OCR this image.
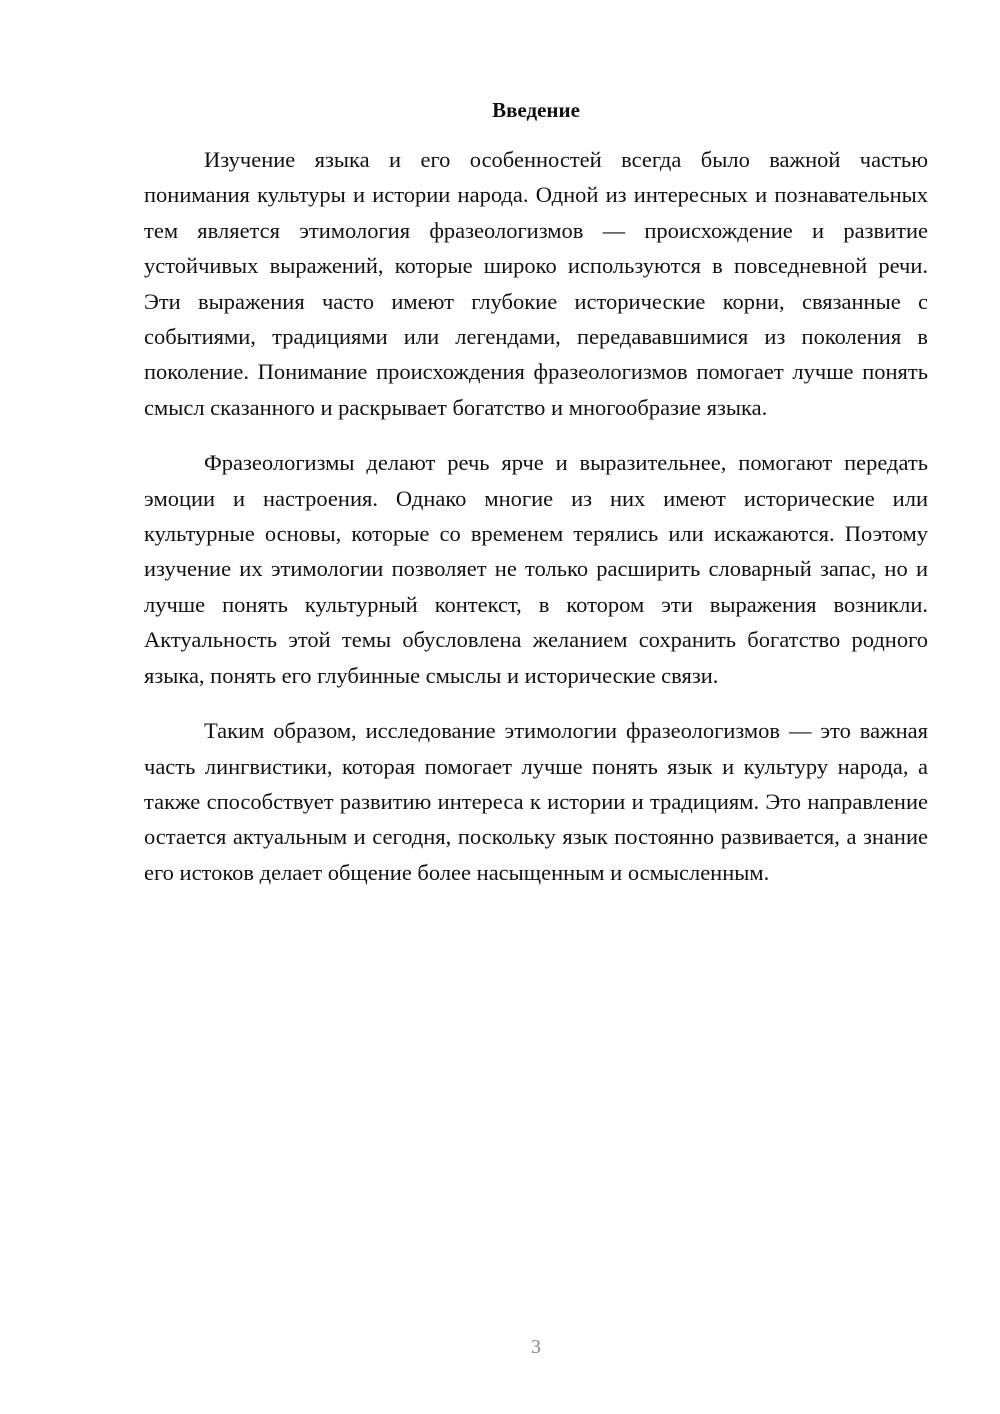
Введение

Изучение языка и его особенностей всегда было важной частью понимания культуры и истории народа. Одной из интересных и познавательных тем является этимология фразеологизмов — происхождение и развитие устойчивых выражений, которые широко используются в повседневной речи. Эти выражения часто имеют глубокие исторические корни, связанные с событиями, традициями или легендами, передававшимися из поколения в поколение. Понимание происхождения фразеологизмов помогает лучше понять смысл сказанного и раскрывает богатство и многообразие языка.

Фразеологизмы делают речь ярче и выразительнее, помогают передать эмоции и настроения. Однако многие из них имеют исторические или культурные основы, которые со временем терялись или искажаются. Поэтому изучение их этимологии позволяет не только расширить словарный запас, но и лучше понять культурный контекст, в котором эти выражения возникли. Актуальность этой темы обусловлена желанием сохранить богатство родного языка, понять его глубинные смыслы и исторические связи.

Таким образом, исследование этимологии фразеологизмов — это важная часть лингвистики, которая помогает лучше понять язык и культуру народа, а также способствует развитию интереса к истории и традициям. Это направление остается актуальным и сегодня, поскольку язык постоянно развивается, а знание его истоков делает общение более насыщенным и осмысленным.

3
